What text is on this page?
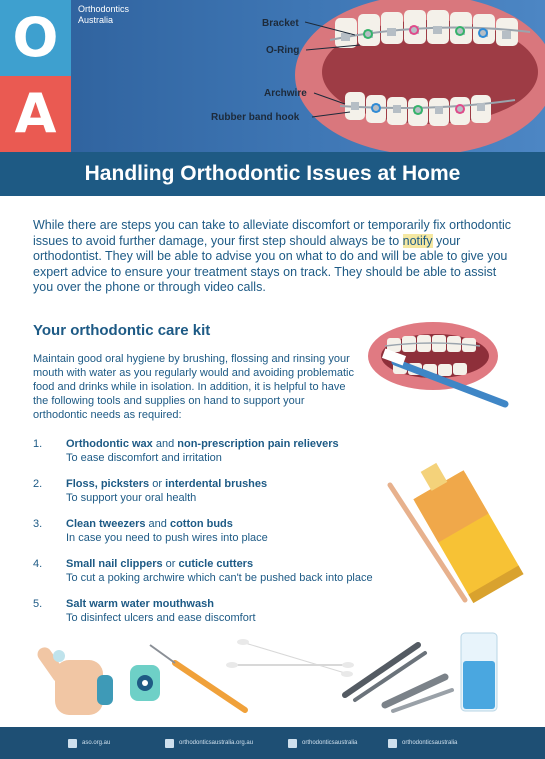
O
A
Orthodontics
Australia	Bracket
O-Ring
Archwire
Rubber band hook
Handling Orthodontic Issues at Home
While there are steps you can take to alleviate discomfort or temporarily fix orthodontic issues to avoid further damage, your first step should always be to notify your orthodontist. They will be able to advise you on what to do and will be able to give you expert advice to ensure your treatment stays on track. They should be able to assist you over the phone or through video calls.
Your orthodontic care kit
Maintain good oral hygiene by brushing, flossing and rinsing your mouth with water as you regularly would and avoiding problematic food and drinks while in isolation. In addition, it is helpful to have the following tools and supplies on hand to support your orthodontic needs as required:
1. Orthodontic wax and non-prescription pain relievers
To ease discomfort and irritation
2. Floss, picksters or interdental brushes
To support your oral health
3. Clean tweezers and cotton buds
In case you need to push wires into place
4. Small nail clippers or cuticle cutters
To cut a poking archwire which can't be pushed back into place
5. Salt warm water mouthwash
To disinfect ulcers and ease discomfort
aso.org.au	orthodonticsaustralia.org.au	orthodonticsaustralia	orthodonticsaustralia
